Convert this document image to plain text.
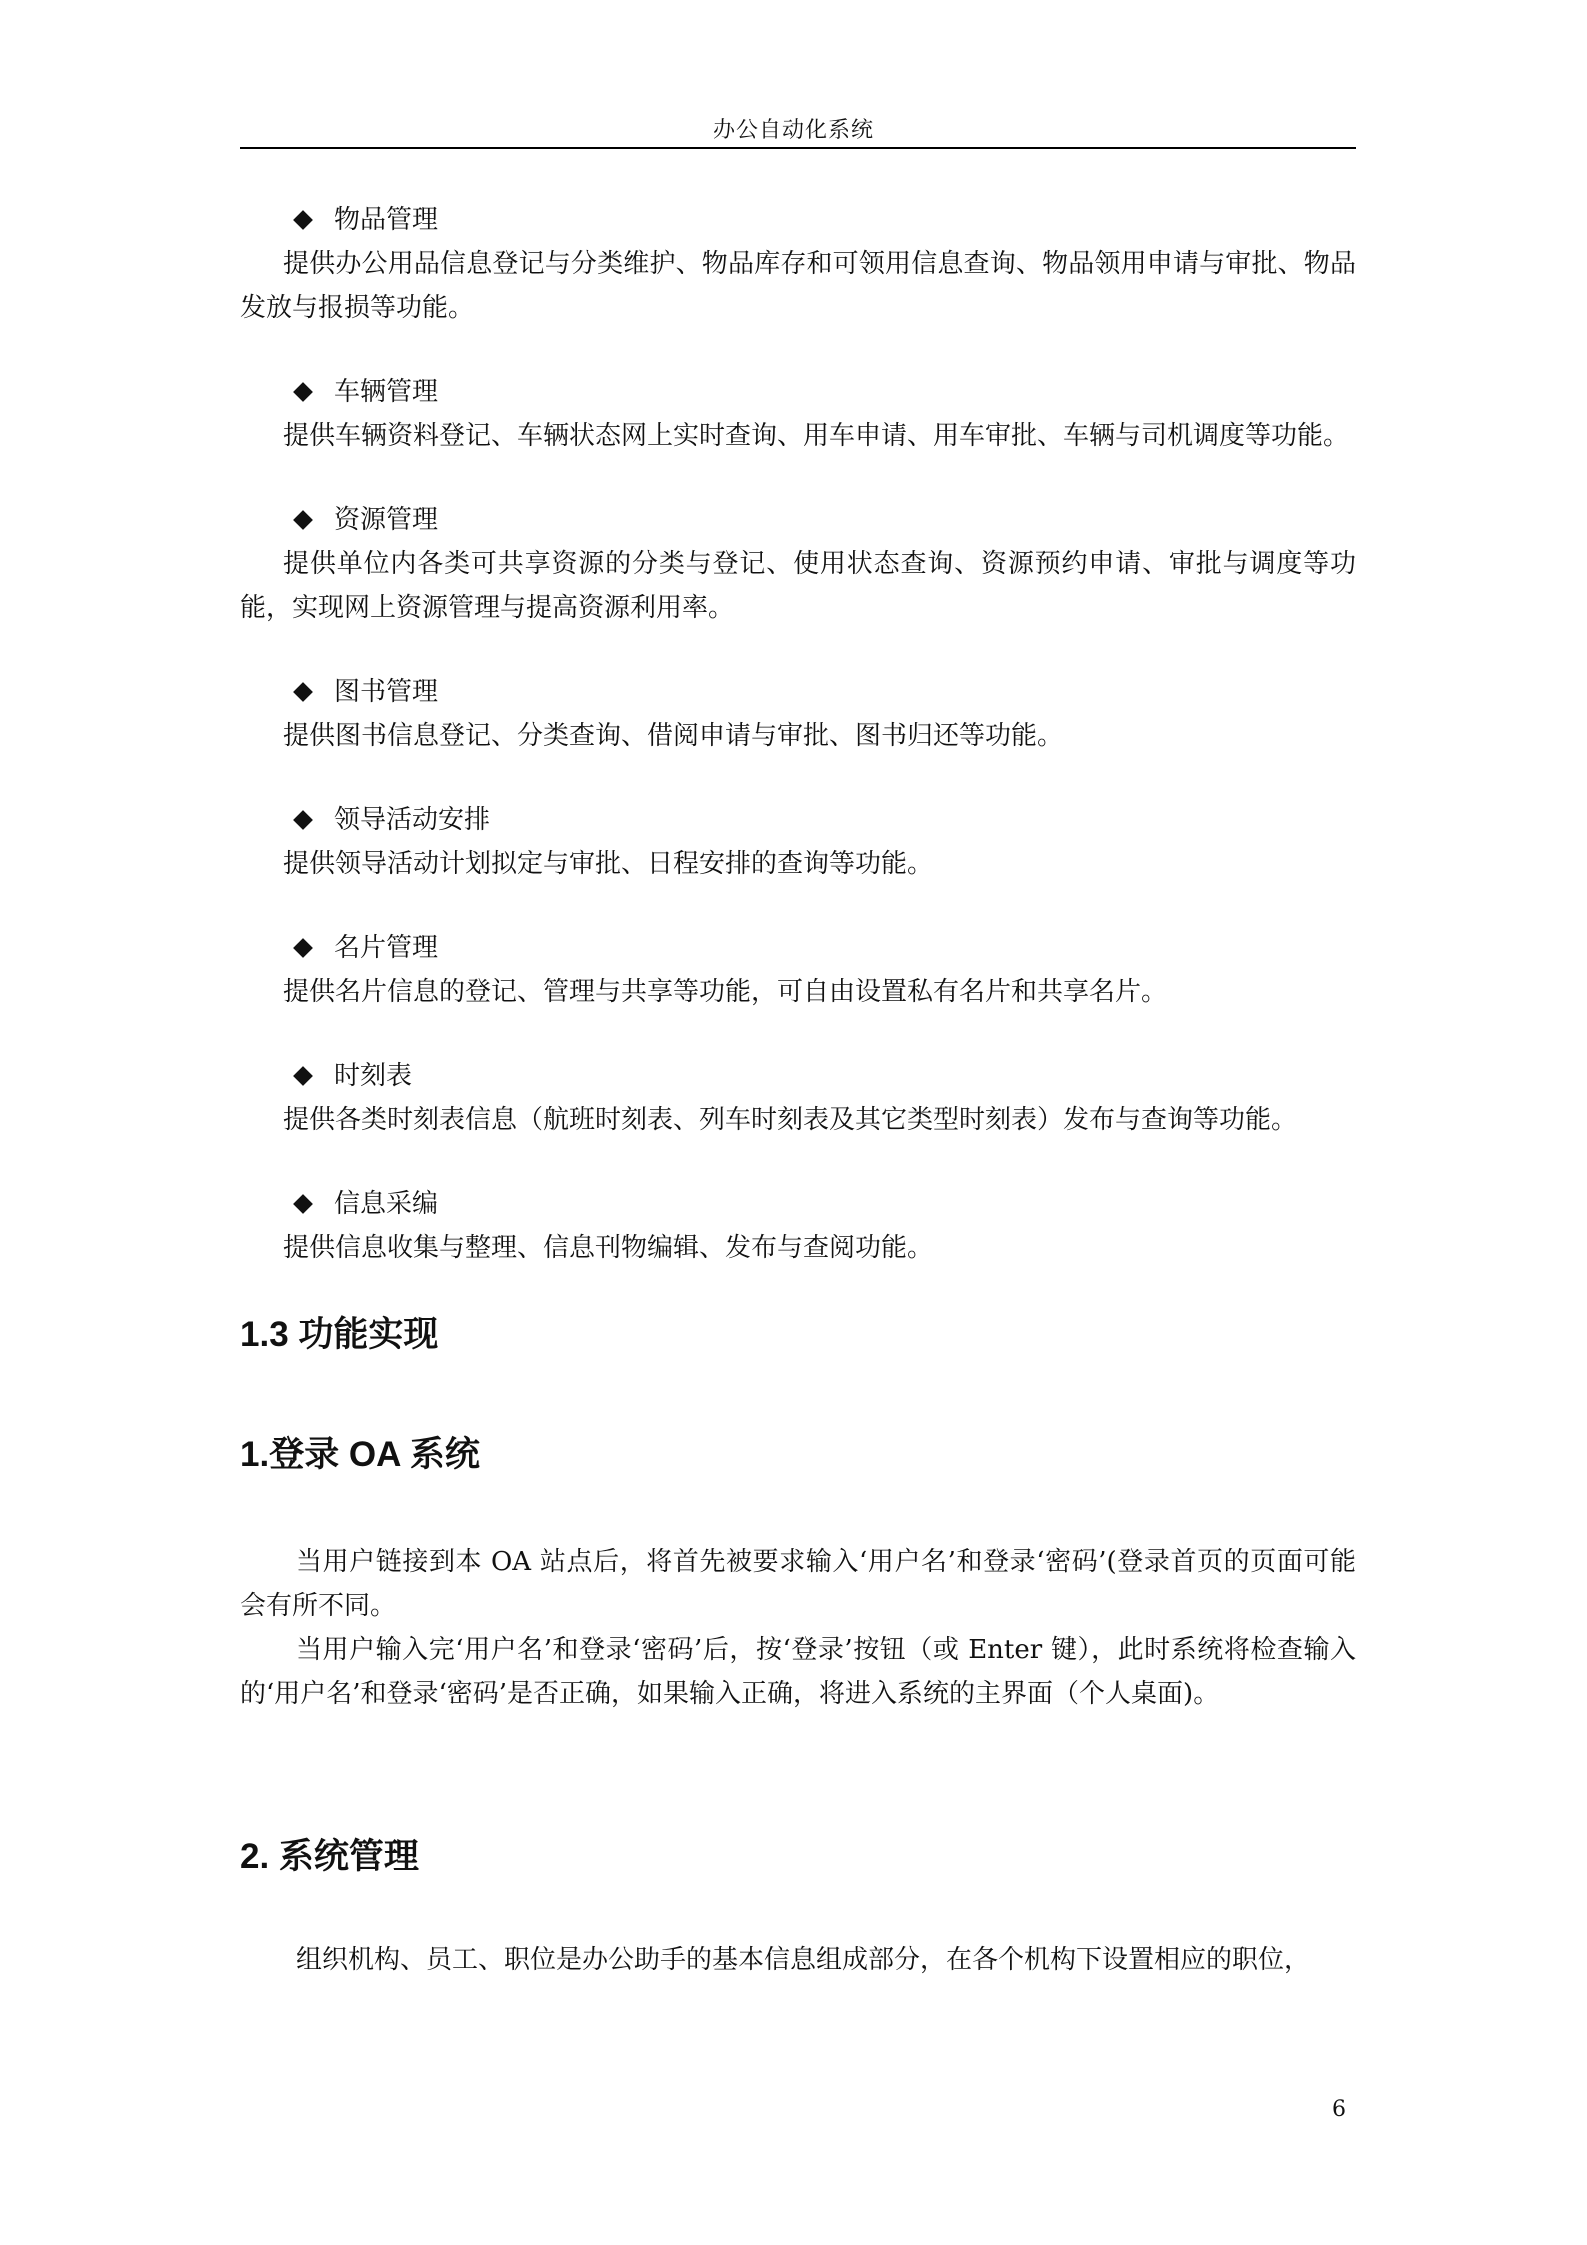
办公自动化系统
物品管理

提供办公用品信息登记与分类维护、物品库存和可领用信息查询、物品领用申请与审批、物品发放与报损等功能。

车辆管理

提供车辆资料登记、车辆状态网上实时查询、用车申请、用车审批、车辆与司机调度等功能。

资源管理

提供单位内各类可共享资源的分类与登记、使用状态查询、资源预约申请、审批与调度等功能，实现网上资源管理与提高资源利用率。

图书管理

提供图书信息登记、分类查询、借阅申请与审批、图书归还等功能。

领导活动安排

提供领导活动计划拟定与审批、日程安排的查询等功能。

名片管理

提供名片信息的登记、管理与共享等功能，可自由设置私有名片和共享名片。

时刻表

提供各类时刻表信息（航班时刻表、列车时刻表及其它类型时刻表）发布与查询等功能。

信息采编

提供信息收集与整理、信息刊物编辑、发布与查阅功能。

1.3 功能实现
1.登录 OA 系统

当用户链接到本 OA 站点后，将首先被要求输入‘用户名’和登录‘密码’(登录首页的页面可能会有所不同。

当用户输入完‘用户名’和登录‘密码’后，按‘登录’按钮（或 Enter 键），此时系统将检查输入的‘用户名’和登录‘密码’是否正确，如果输入正确，将进入系统的主界面（个人桌面)。

2. 系统管理

组织机构、员工、职位是办公助手的基本信息组成部分，在各个机构下设置相应的职位，

6
